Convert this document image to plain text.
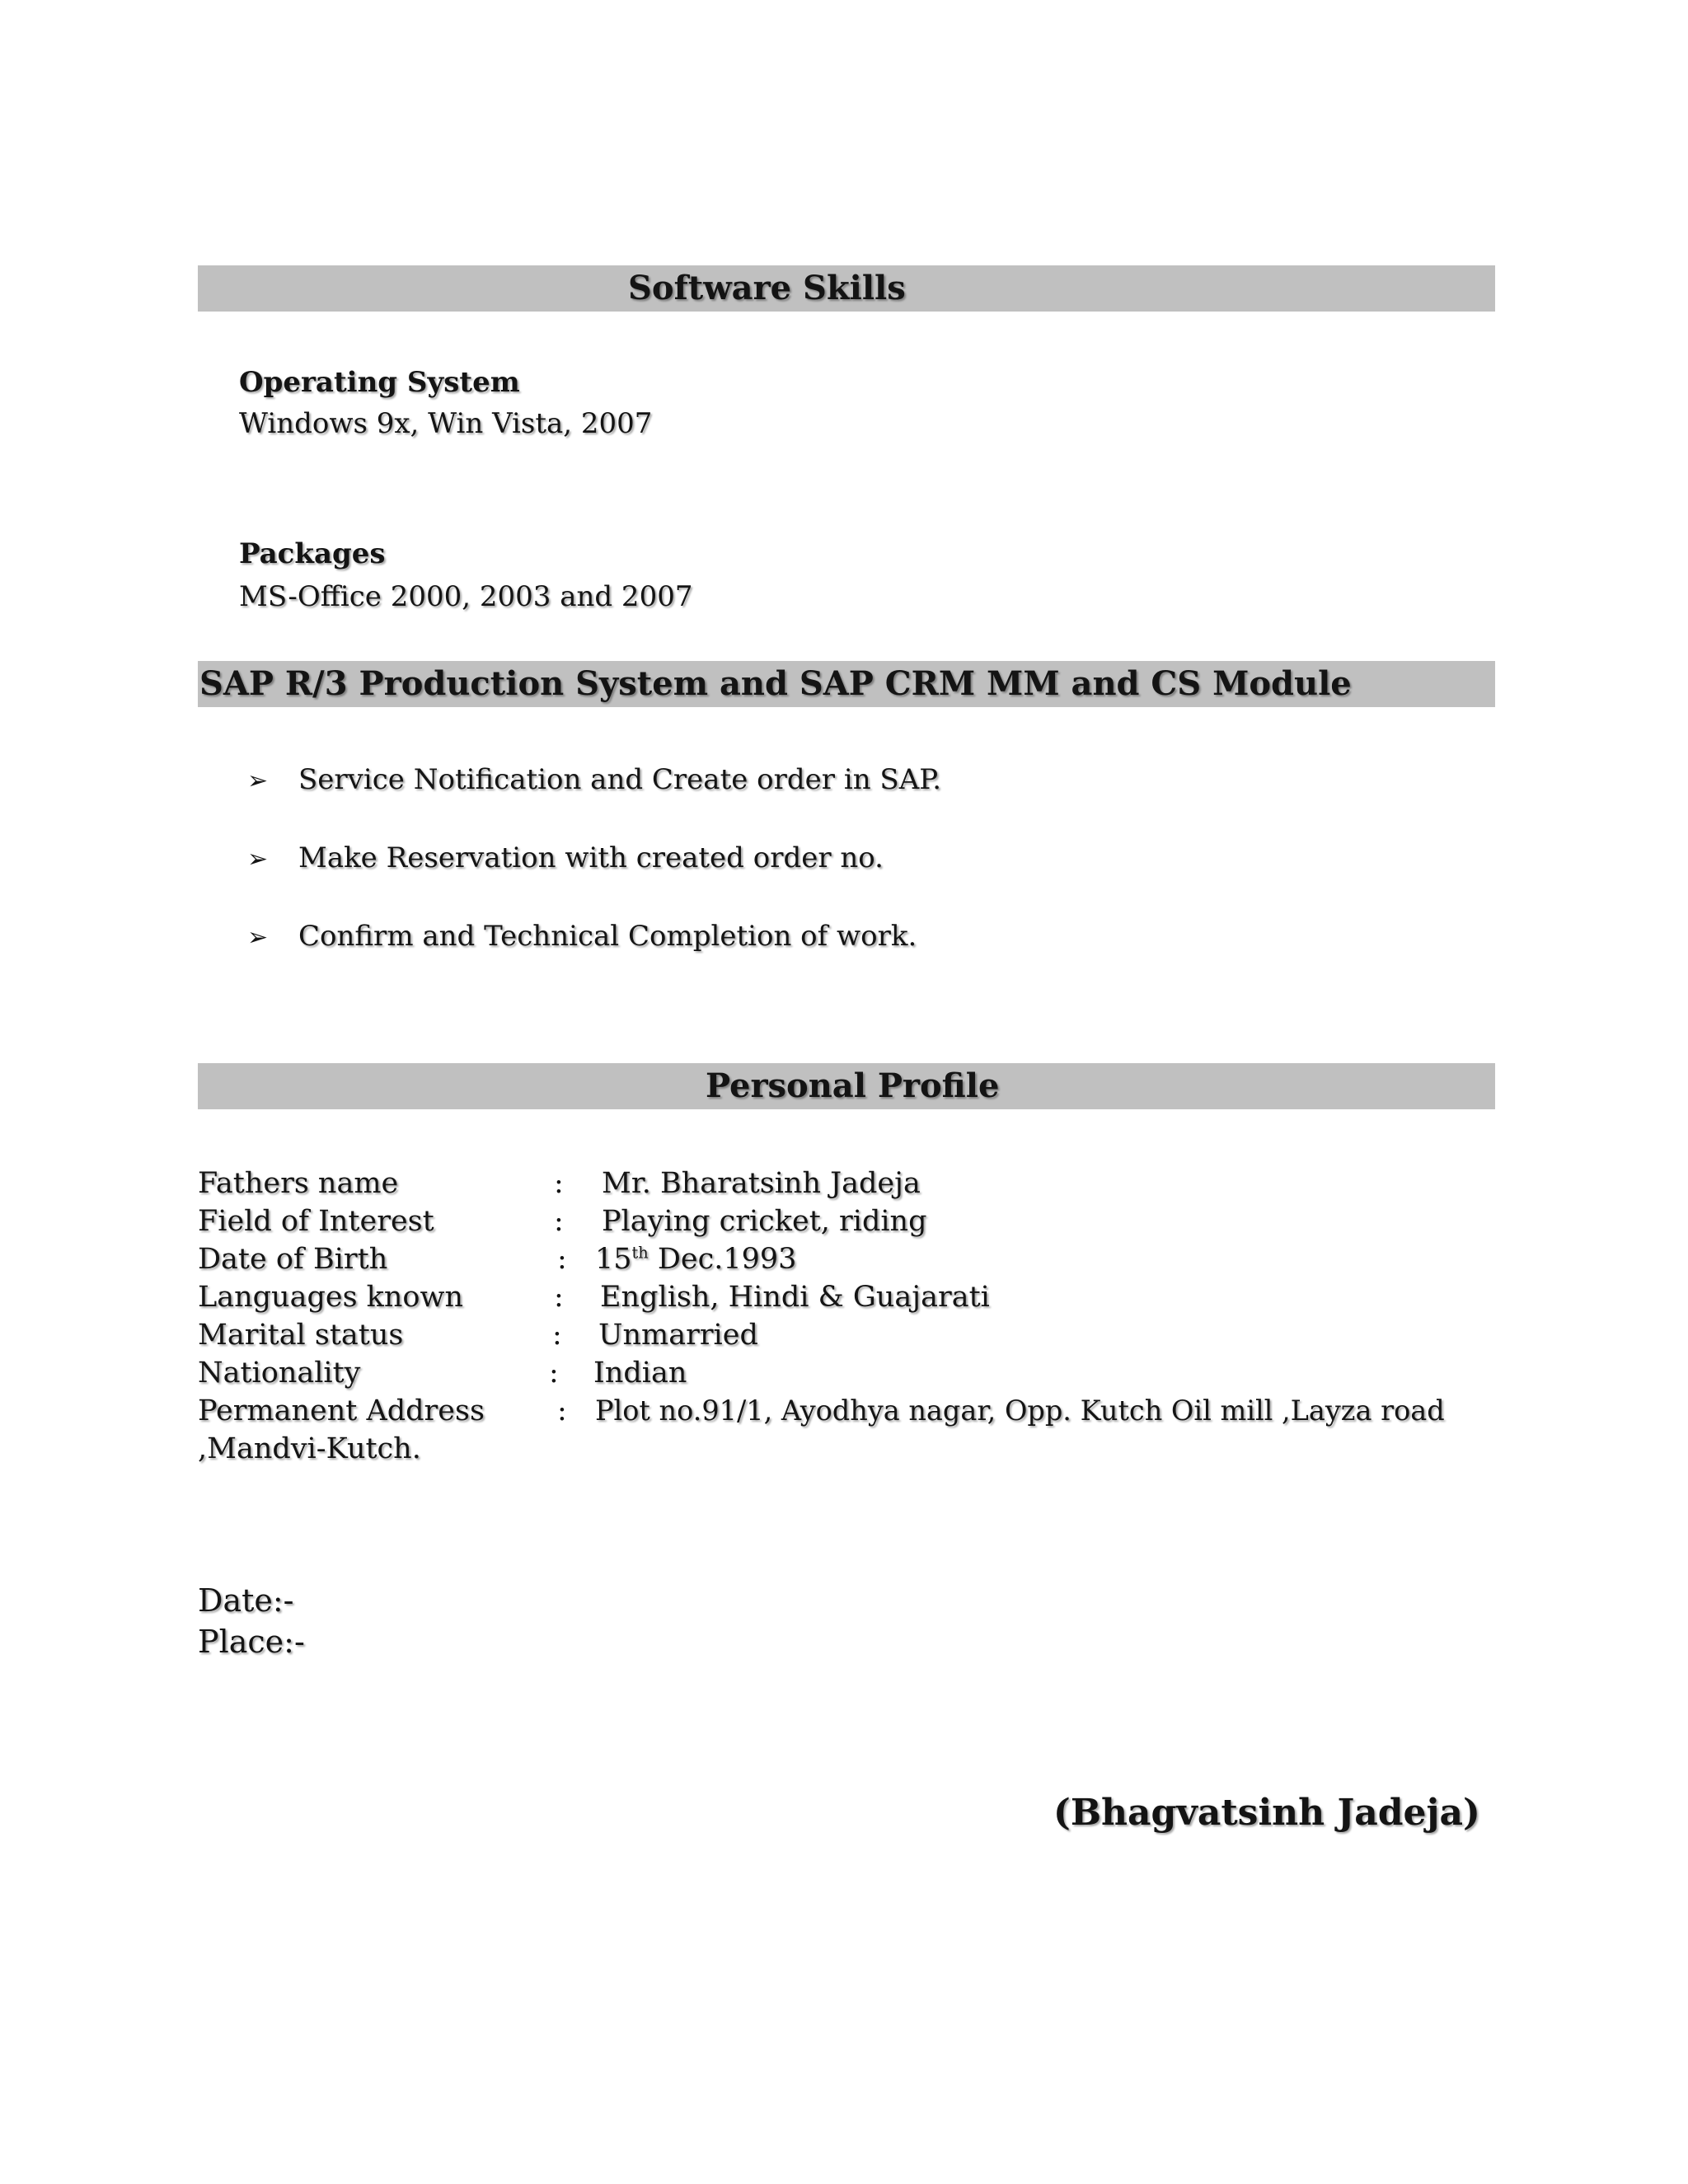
Software Skills
Operating System
Windows 9x, Win Vista, 2007
Packages
MS-Office 2000, 2003 and 2007
SAP R/3 Production System and SAP CRM MM and CS Module
➢ Service Notification and Create order in SAP.
➢ Make Reservation with created order no.
➢ Confirm and Technical Completion of work.
Personal Profile
Fathers name	: Mr. Bharatsinh Jadeja
Field of Interest	: Playing cricket, riding
Date of Birth	: 15th Dec.1993
Languages known	: English, Hindi & Guajarati
Marital status	: Unmarried
Nationality	: Indian
Permanent Address	: Plot no.91/1, Ayodhya nagar, Opp. Kutch Oil mill ,Layza road
,Mandvi-Kutch.
Date:-
Place:-
(Bhagvatsinh Jadeja)
